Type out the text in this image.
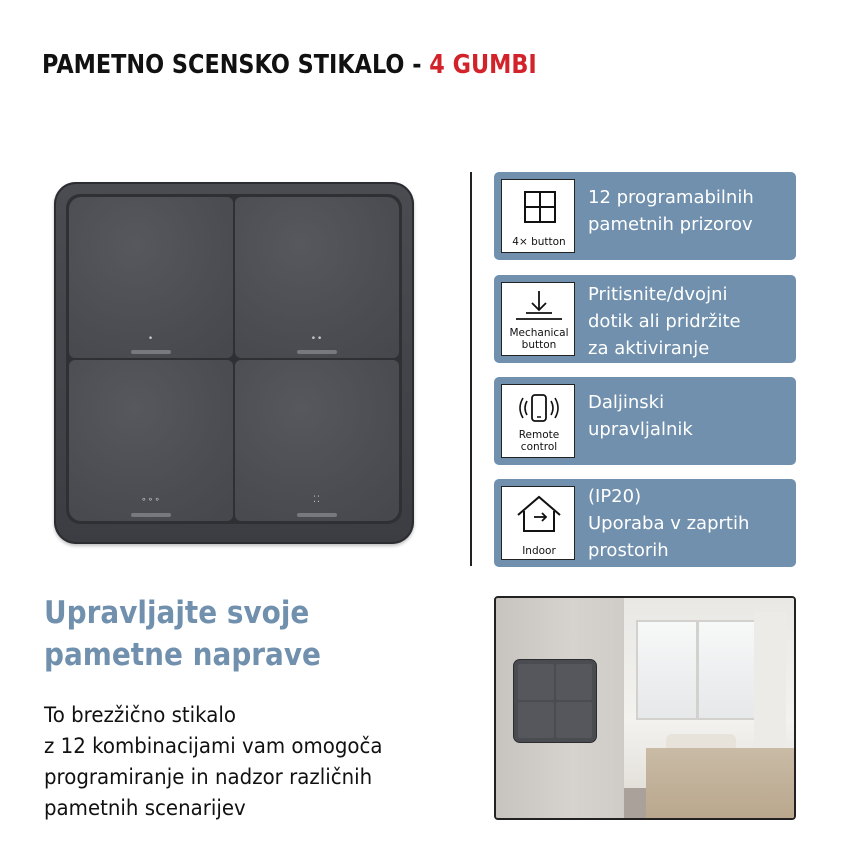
PAMETNO SCENSKO STIKALO - 4 GUMBI
•	••
∘∘∘	⁚⁚
4× button
12 programabilnih
pametnih prizorov
Mechanical
button
Pritisnite/dvojni
dotik ali pridržite
za aktiviranje
Remote
control
Daljinski
upravljalnik
Indoor
(IP20)
Uporaba v zaprtih
prostorih
Upravljajte svoje
pametne naprave
To brezžično stikalo
z 12 kombinacijami vam omogoča
programiranje in nadzor različnih
pametnih scenarijev
